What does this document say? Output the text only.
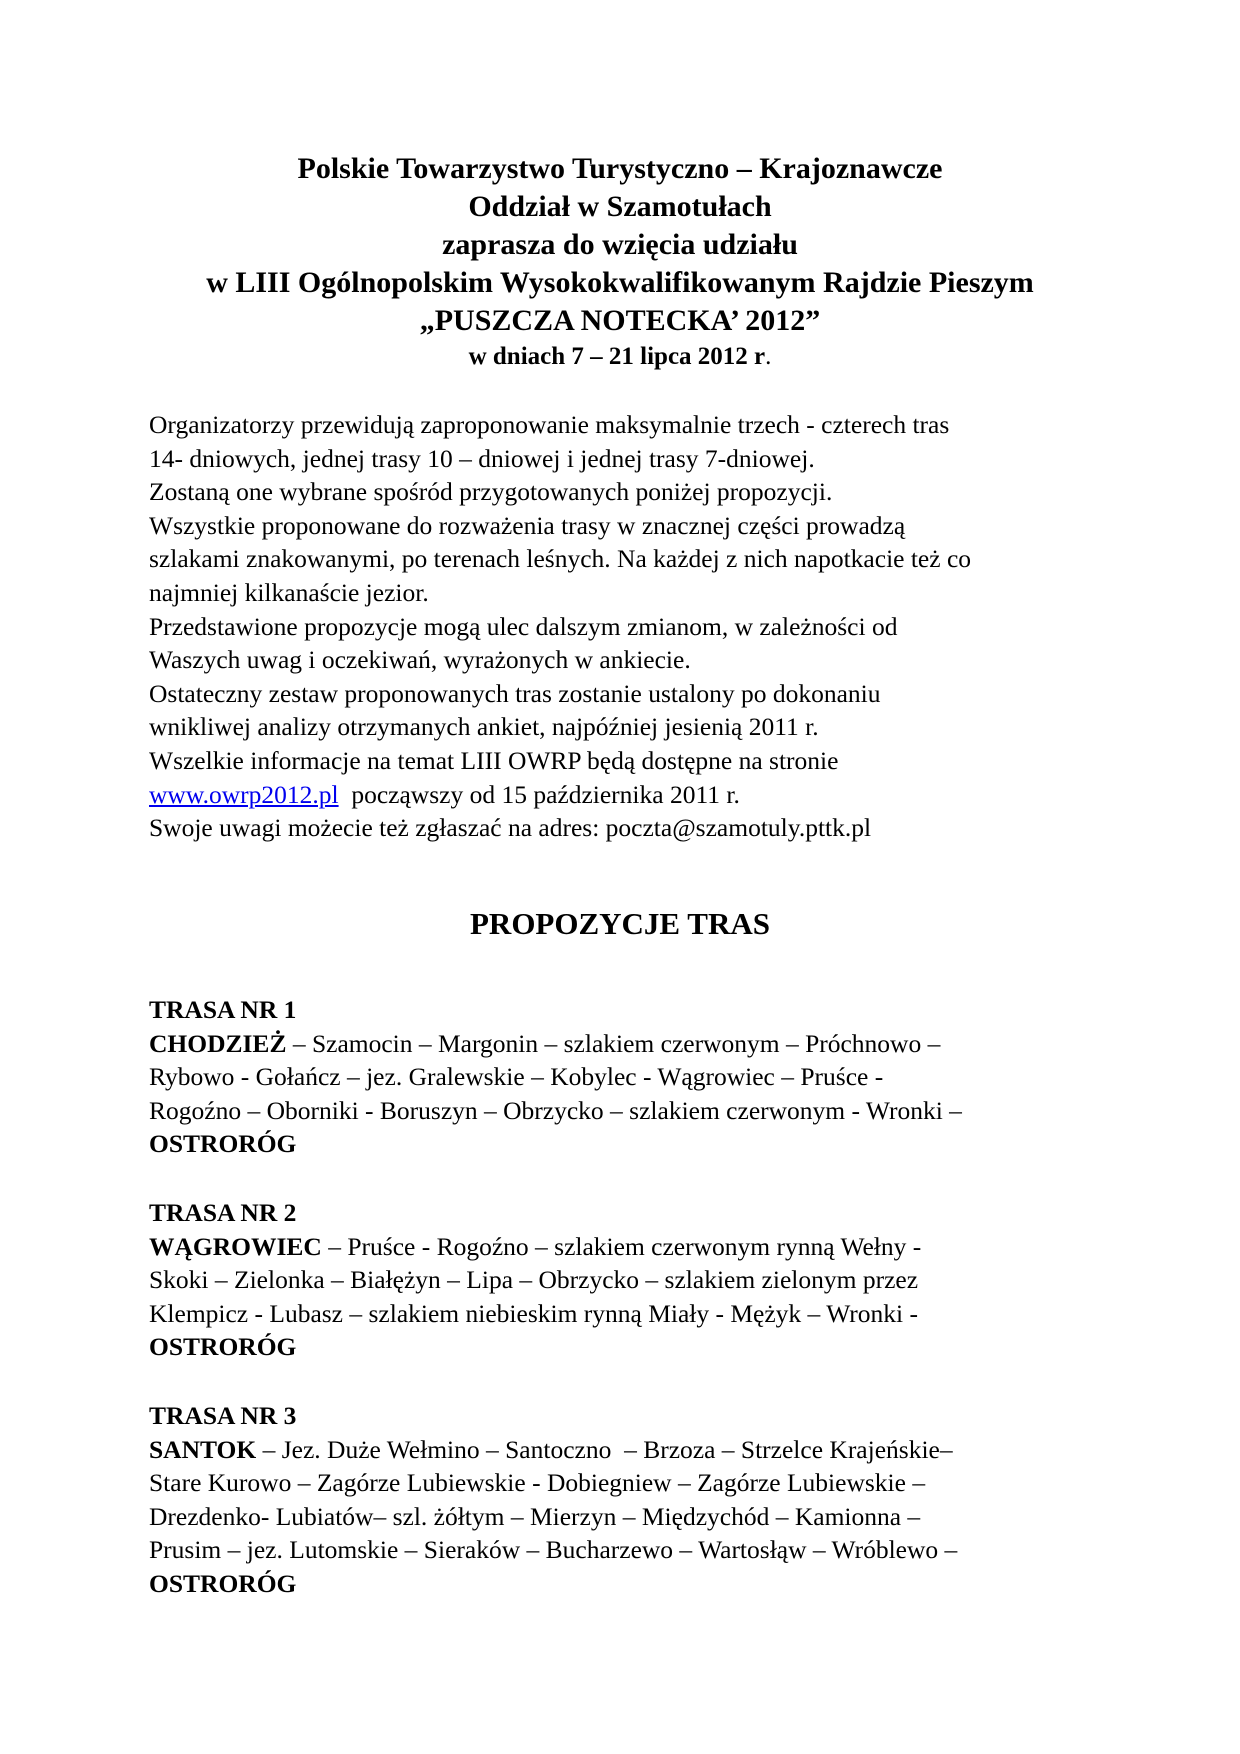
Polskie Towarzystwo Turystyczno – Krajoznawcze
Oddział w Szamotułach
zaprasza do wzięcia udziału
w LIII Ogólnopolskim Wysokokwalifikowanym Rajdzie Pieszym
„PUSZCZA NOTECKA’ 2012”
w dniach 7 – 21 lipca 2012 r.
Organizatorzy przewidują zaproponowanie maksymalnie trzech - czterech tras
14- dniowych, jednej trasy 10 – dniowej i jednej trasy 7-dniowej.
Zostaną one wybrane spośród przygotowanych poniżej propozycji.
Wszystkie proponowane do rozważenia trasy w znacznej części prowadzą
szlakami znakowanymi, po terenach leśnych. Na każdej z nich napotkacie też co
najmniej kilkanaście jezior.
Przedstawione propozycje mogą ulec dalszym zmianom, w zależności od
Waszych uwag i oczekiwań, wyrażonych w ankiecie.
Ostateczny zestaw proponowanych tras zostanie ustalony po dokonaniu
wnikliwej analizy otrzymanych ankiet, najpóźniej jesienią 2011 r.
Wszelkie informacje na temat LIII OWRP będą dostępne na stronie
www.owrp2012.pl  począwszy od 15 października 2011 r.
Swoje uwagi możecie też zgłaszać na adres: poczta@szamotuly.pttk.pl
PROPOZYCJE TRAS
TRASA NR 1
CHODZIEŻ – Szamocin – Margonin – szlakiem czerwonym – Próchnowo –
Rybowo - Gołańcz – jez. Gralewskie – Kobylec - Wągrowiec – Pruśce -
Rogoźno – Oborniki - Boruszyn – Obrzycko – szlakiem czerwonym - Wronki –
OSTRORÓG
TRASA NR 2
WĄGROWIEC – Pruśce - Rogoźno – szlakiem czerwonym rynną Wełny -
Skoki – Zielonka – Białężyn – Lipa – Obrzycko – szlakiem zielonym przez
Klempicz - Lubasz – szlakiem niebieskim rynną Miały - Mężyk – Wronki -
OSTRORÓG
TRASA NR 3
SANTOK – Jez. Duże Wełmino – Santoczno  – Brzoza – Strzelce Krajeńskie–
Stare Kurowo – Zagórze Lubiewskie - Dobiegniew – Zagórze Lubiewskie –
Drezdenko- Lubiatów– szl. żółtym – Mierzyn – Międzychód – Kamionna –
Prusim – jez. Lutomskie – Sieraków – Bucharzewo – Wartosłąw – Wróblewo –
OSTRORÓG
